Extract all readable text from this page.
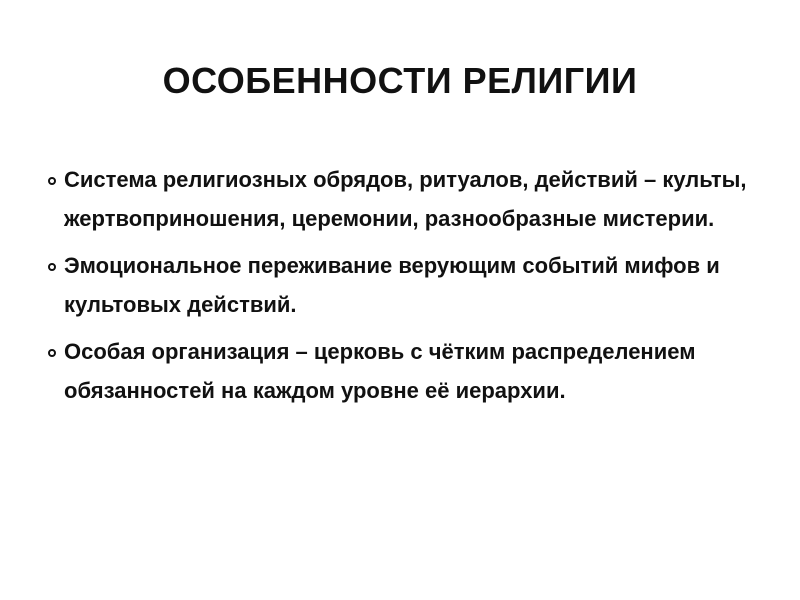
ОСОБЕННОСТИ РЕЛИГИИ
Система религиозных обрядов, ритуалов, действий – культы, жертвоприношения, церемонии, разнообразные мистерии.
Эмоциональное переживание верующим событий мифов и культовых действий.
Особая организация – церковь с чётким распределением обязанностей на каждом уровне её иерархии.
